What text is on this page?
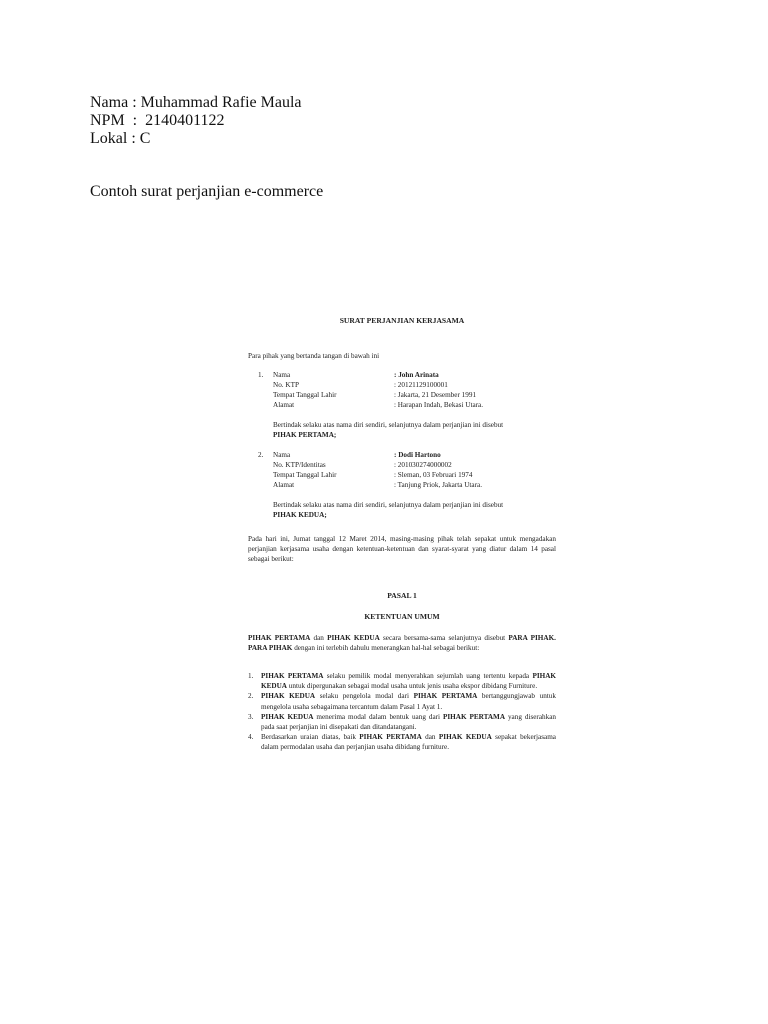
Nama : Muhammad Rafie Maula
NPM  :  2140401122
Lokal : C
Contoh surat perjanjian e-commerce
SURAT PERJANJIAN KERJASAMA
Para pihak yang bertanda tangan di bawah ini
1. Nama	: John Arinata
No. KTP	: 20121129100001
Tempat Tanggal Lahir	: Jakarta, 21 Desember 1991
Alamat	: Harapan Indah, Bekasi Utara.
Bertindak selaku atas nama diri sendiri, selanjutnya dalam perjanjian ini disebut
PIHAK PERTAMA;
2. Nama	: Dodi Hartono
No. KTP/Identitas	: 201030274000002
Tempat Tanggal Lahir	: Sleman, 03 Februari 1974
Alamat	: Tanjung Priok, Jakarta Utara.
Bertindak selaku atas nama diri sendiri, selanjutnya dalam perjanjian ini disebut
PIHAK KEDUA;
Pada hari ini, Jumat tanggal 12 Maret 2014, masing-masing pihak telah sepakat untuk mengadakan perjanjian kerjasama usaha dengan ketentuan-ketentuan dan syarat-syarat yang diatur dalam 14 pasal sebagai berikut:
PASAL 1
KETENTUAN UMUM
PIHAK PERTAMA dan PIHAK KEDUA secara bersama-sama selanjutnya disebut PARA PIHAK. PARA PIHAK dengan ini terlebih dahulu menerangkan hal-hal sebagai berikut:
1. PIHAK PERTAMA selaku pemilik modal menyerahkan sejumlah uang tertentu kepada PIHAK KEDUA untuk dipergunakan sebagai modal usaha untuk jenis usaha ekspor dibidang Furniture.
2. PIHAK KEDUA selaku pengelola modal dari PIHAK PERTAMA bertanggungjawab untuk mengelola usaha sebagaimana tercantum dalam Pasal 1 Ayat 1.
3. PIHAK KEDUA menerima modal dalam bentuk uang dari PIHAK PERTAMA yang diserahkan pada saat perjanjian ini disepakati dan ditandatangani.
4. Berdasarkan uraian diatas, baik PIHAK PERTAMA dan PIHAK KEDUA sepakat bekerjasama dalam permodalan usaha dan perjanjian usaha dibidang furniture.
